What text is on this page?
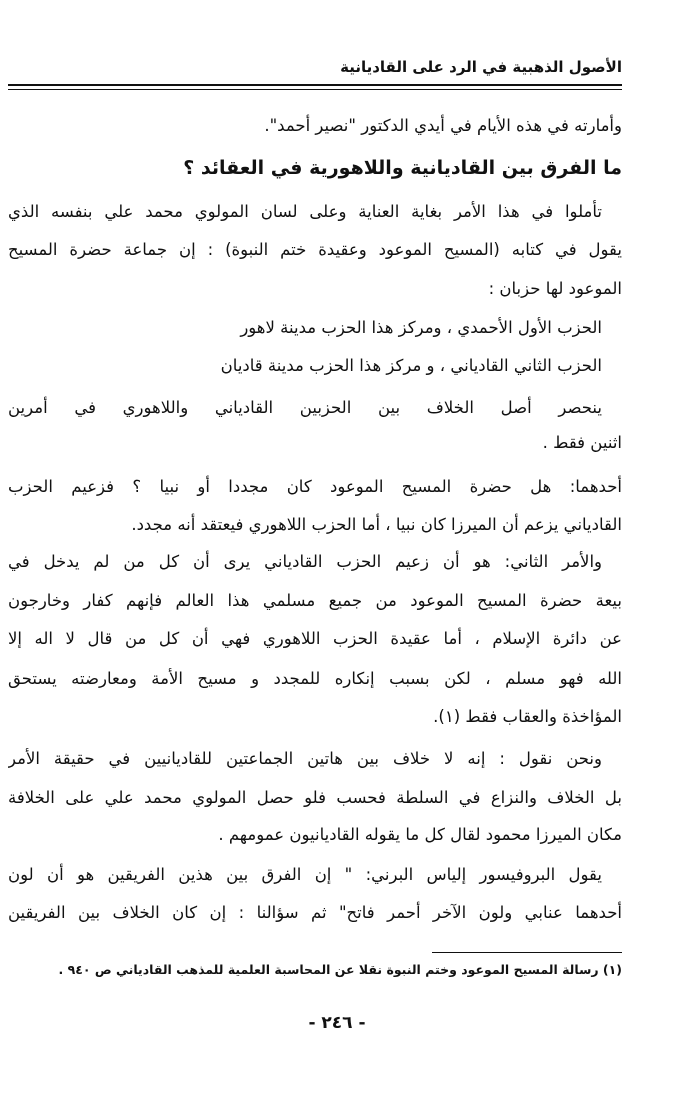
الأصول الذهبية في الرد على القاديانية
وأمارته في هذه الأيام في أيدي الدكتور "نصير أحمد".
ما الفرق بين القاديانية واللاهورية في العقائد ؟
تأملوا في هذا الأمر بغاية العناية وعلى لسان المولوي محمد علي بنفسه الذي
يقول في كتابه (المسيح الموعود وعقيدة ختم النبوة) : إن جماعة حضرة المسيح
الموعود لها حزبان :
الحزب الأول الأحمدي ، ومركز هذا الحزب مدينة لاهور
الحزب الثاني القادياني ، و مركز هذا الحزب مدينة قاديان
ينحصر أصل الخلاف بين الحزبين القادياني واللاهوري في أمرين
اثنين فقط .
أحدهما: هل حضرة المسيح الموعود كان مجددا أو نبيا ؟ فزعيم الحزب
القادياني يزعم أن الميرزا كان نبيا ، أما الحزب اللاهوري فيعتقد أنه مجدد.
والأمر الثاني: هو أن زعيم الحزب القادياني يرى أن كل من لم يدخل في
بيعة حضرة المسيح الموعود من جميع مسلمي هذا العالم فإنهم كفار وخارجون
عن دائرة الإسلام ، أما عقيدة الحزب اللاهوري فهي أن كل من قال لا اله إلا
الله فهو مسلم ، لكن بسبب إنكاره للمجدد و مسيح الأمة ومعارضته يستحق
المؤاخذة والعقاب فقط (١).
ونحن نقول : إنه لا خلاف بين هاتين الجماعتين للقاديانيين في حقيقة الأمر
بل الخلاف والنزاع في السلطة فحسب فلو حصل المولوي محمد علي على الخلافة
مكان الميرزا محمود لقال كل ما يقوله القاديانيون عمومهم .
يقول البروفيسور إلياس البرني: " إن الفرق بين هذين الفريقين هو أن لون
أحدهما عنابي ولون الآخر أحمر فاتح" ثم سؤالنا : إن كان الخلاف بين الفريقين
(١) رسالة المسيح الموعود وختم النبوة نقلا عن المحاسبة العلمية للمذهب القادياني ص ٩٤٠ .
- ٢٤٦ -
